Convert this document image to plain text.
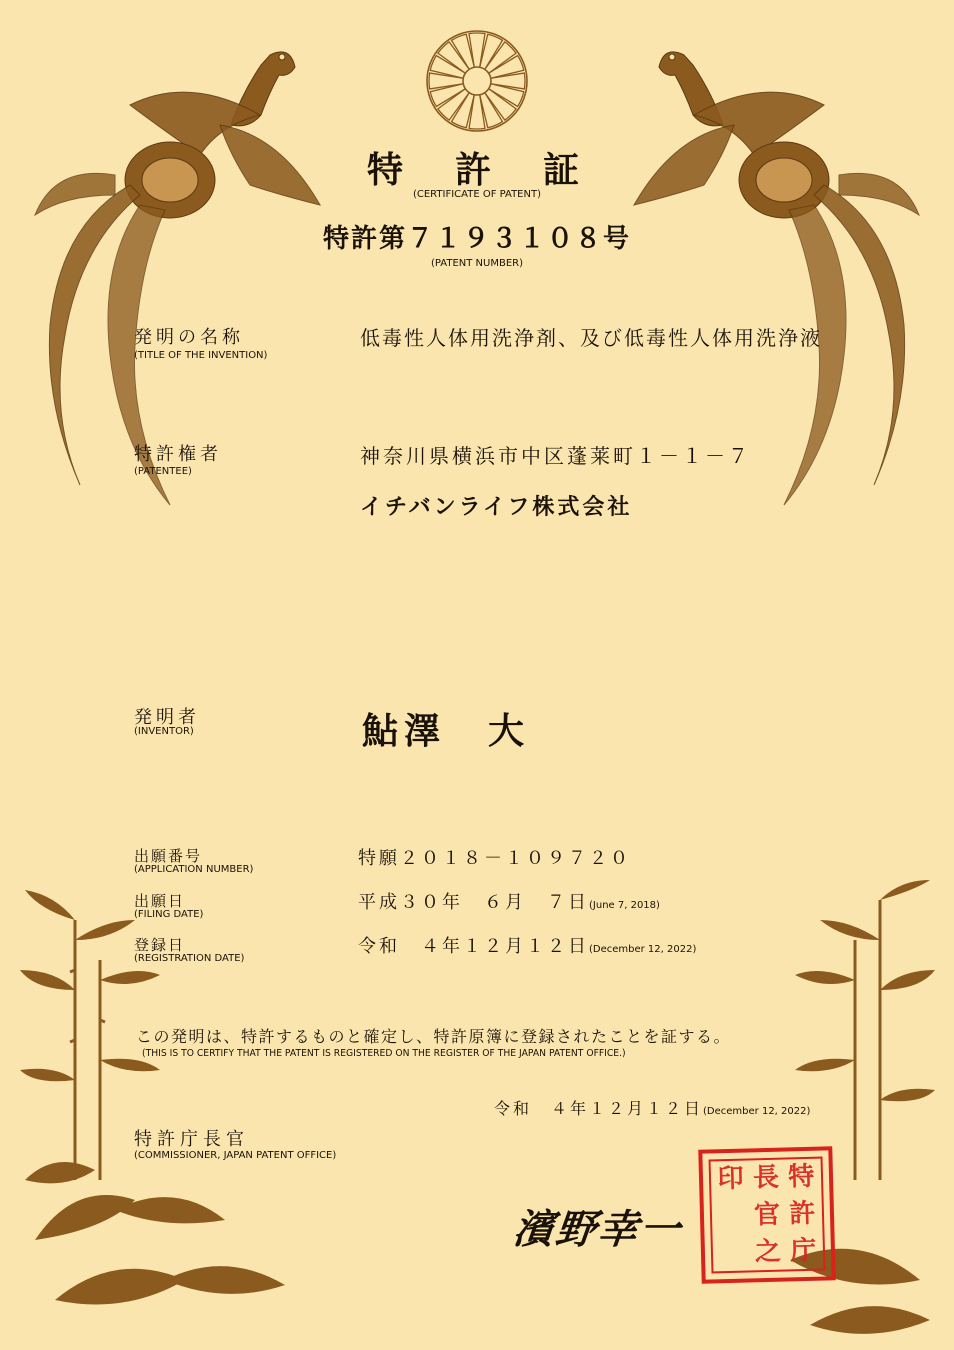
特　許　証
(CERTIFICATE OF PATENT)
特許第７１９３１０８号
(PATENT NUMBER)
発明の名称
(TITLE OF THE INVENTION)
低毒性人体用洗浄剤、及び低毒性人体用洗浄液
特許権者
(PATENTEE)
神奈川県横浜市中区蓬莱町１－１－７
イチバンライフ株式会社
発明者
(INVENTOR)	鮎澤　大
出願番号
(APPLICATION NUMBER)
特願２０１８－１０９７２０
出願日
(FILING DATE)
平成３０年　６月　７日(June 7, 2018)
登録日
(REGISTRATION DATE)
令和　４年１２月１２日(December 12, 2022)
この発明は、特許するものと確定し、特許原簿に登録されたことを証する。
(THIS IS TO CERTIFY THAT THE PATENT IS REGISTERED ON THE REGISTER OF THE JAPAN PATENT OFFICE.)
令和　４年１２月１２日(December 12, 2022)
特許庁長官
(COMMISSIONER, JAPAN PATENT OFFICE)
濱野幸一
印 長 特
官 許
之 庁
